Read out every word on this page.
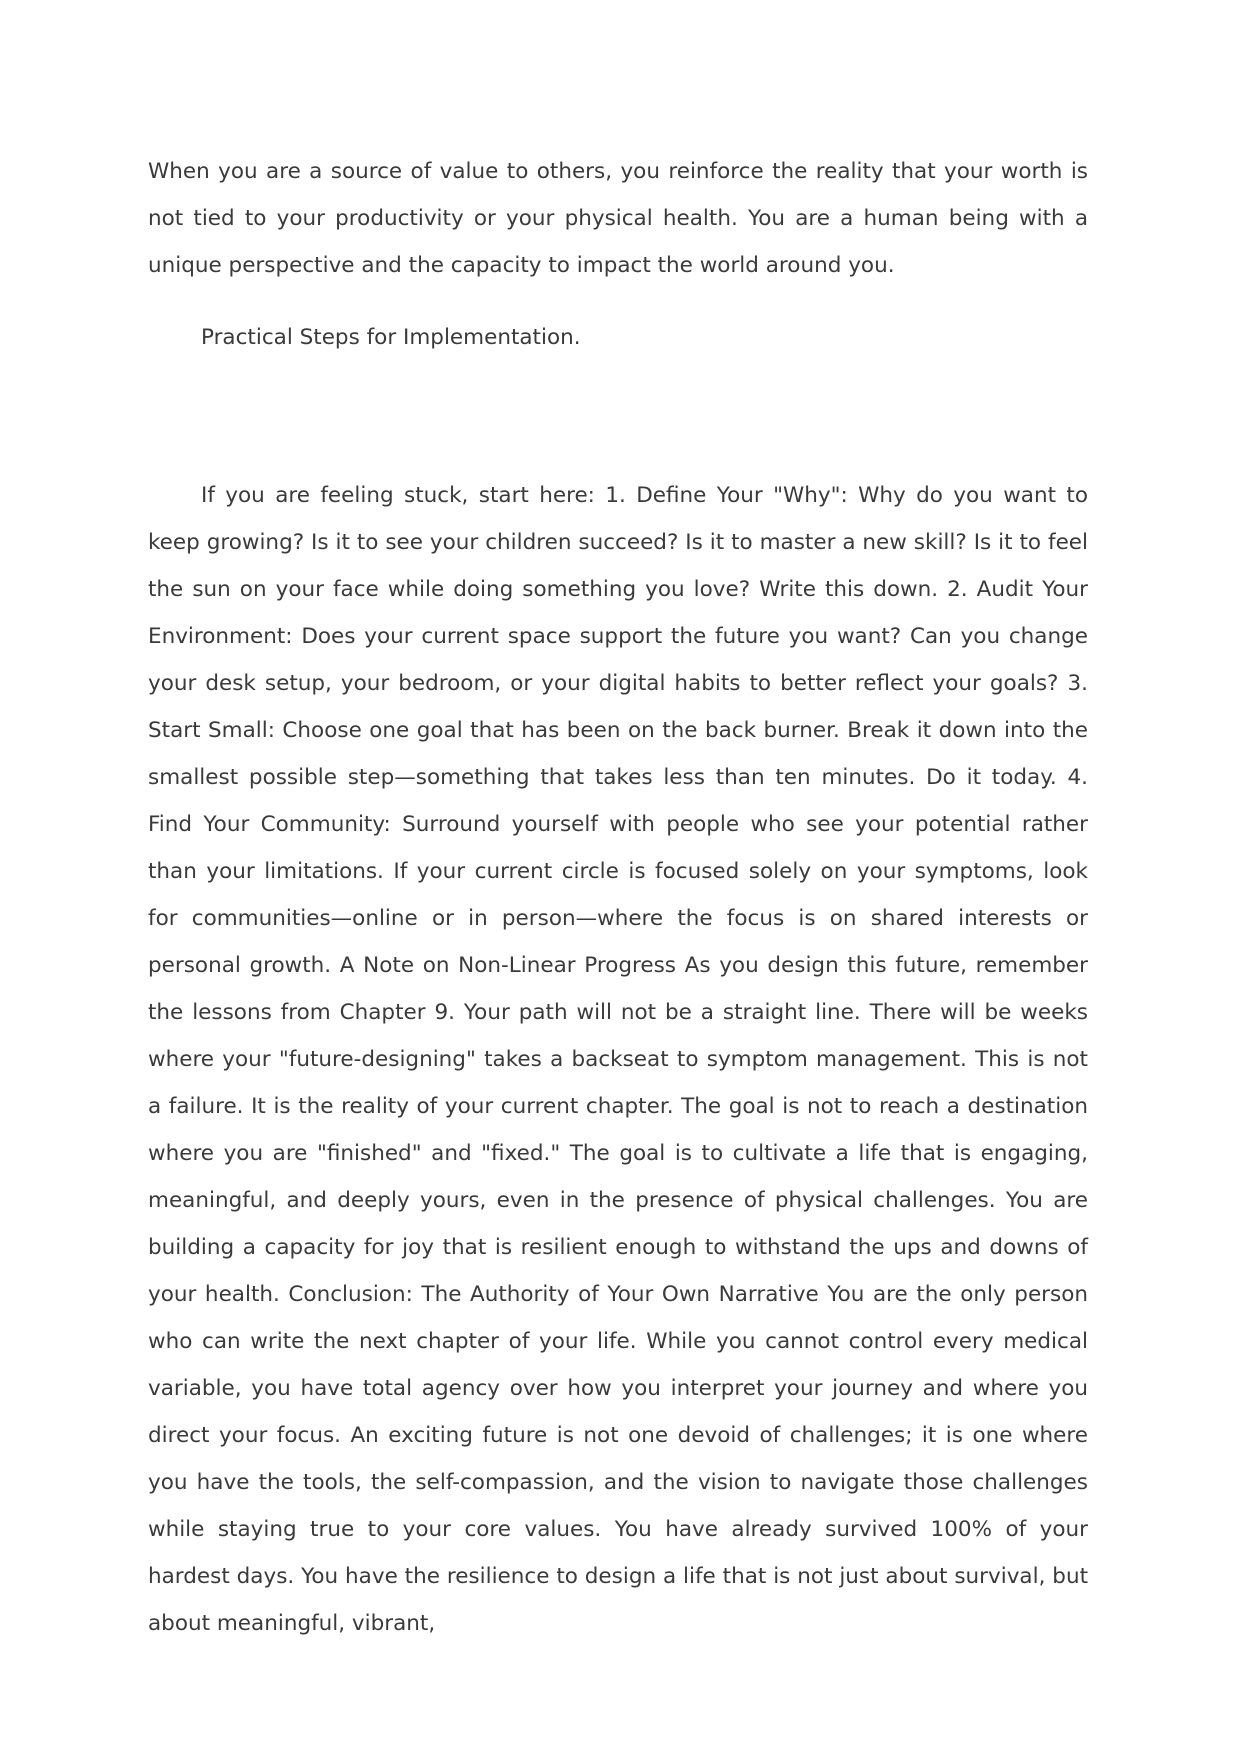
When you are a source of value to others, you reinforce the reality that your worth is not tied to your productivity or your physical health. You are a human being with a unique perspective and the capacity to impact the world around you.

Practical Steps for Implementation.

If you are feeling stuck, start here: 1. Define Your "Why": Why do you want to keep growing? Is it to see your children succeed? Is it to master a new skill? Is it to feel the sun on your face while doing something you love? Write this down. 2. Audit Your Environment: Does your current space support the future you want? Can you change your desk setup, your bedroom, or your digital habits to better reflect your goals? 3. Start Small: Choose one goal that has been on the back burner. Break it down into the smallest possible step—something that takes less than ten minutes. Do it today. 4. Find Your Community: Surround yourself with people who see your potential rather than your limitations. If your current circle is focused solely on your symptoms, look for communities—online or in person—where the focus is on shared interests or personal growth. A Note on Non-Linear Progress As you design this future, remember the lessons from Chapter 9. Your path will not be a straight line. There will be weeks where your "future-designing" takes a backseat to symptom management. This is not a failure. It is the reality of your current chapter. The goal is not to reach a destination where you are "finished" and "fixed." The goal is to cultivate a life that is engaging, meaningful, and deeply yours, even in the presence of physical challenges. You are building a capacity for joy that is resilient enough to withstand the ups and downs of your health. Conclusion: The Authority of Your Own Narrative You are the only person who can write the next chapter of your life. While you cannot control every medical variable, you have total agency over how you interpret your journey and where you direct your focus. An exciting future is not one devoid of challenges; it is one where you have the tools, the self-compassion, and the vision to navigate those challenges while staying true to your core values. You have already survived 100% of your hardest days. You have the resilience to design a life that is not just about survival, but about meaningful, vibrant,
